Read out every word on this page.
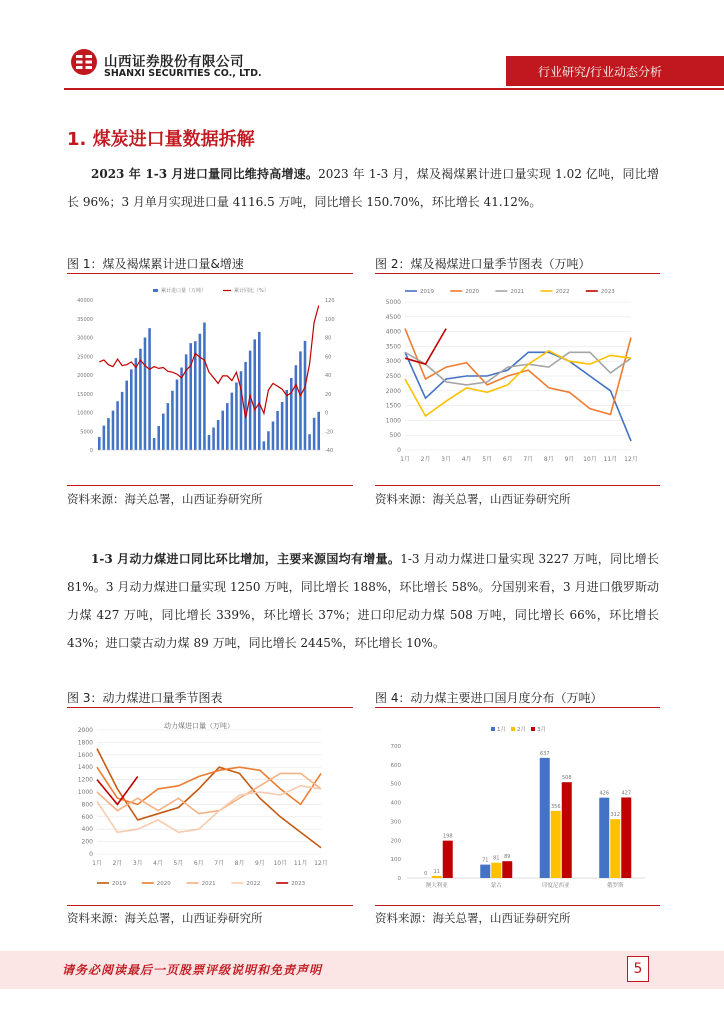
山西证券股份有限公司
SHANXI SECURITIES CO., LTD.	行业研究/行业动态分析
1. 煤炭进口量数据拆解
2023 年 1-3 月进口量同比维持高增速。2023 年 1-3 月，煤及褐煤累计进口量实现 1.02 亿吨，同比增长 96%；3 月单月实现进口量 4116.5 万吨，同比增长 150.70%，环比增长 41.12%。
图 1：煤及褐煤累计进口量&增速
40000
35000
30000
25000
20000
15000
10000
5000
0
120
100
80
60
40
20
0
-20
-40
累计进口量（万吨）	累计同比（%）
资料来源：海关总署，山西证券研究所
图 2：煤及褐煤进口量季节图表（万吨）
5000
4500
4000
3500
3000
2500
2000
1500
1000
500
0
1月 2月 3月 4月 5月 6月 7月 8月 9月 10月 11月 12月
2019	2020	2021	2022	2023
资料来源：海关总署，山西证券研究所
1-3 月动力煤进口同比环比增加，主要来源国均有增量。1-3 月动力煤进口量实现 3227 万吨，同比增长 81%。3 月动力煤进口量实现 1250 万吨，同比增长 188%，环比增长 58%。分国别来看，3 月进口俄罗斯动力煤 427 万吨，同比增长 339%，环比增长 37%；进口印尼动力煤 508 万吨，同比增长 66%，环比增长 43%；进口蒙古动力煤 89 万吨，同比增长 2445%，环比增长 10%。
图 3：动力煤进口量季节图表
2000
1800
1600
1400
1200
1000
800
600
400
200
0
1月 2月 3月 4月 5月 6月 7月 8月 9月 10月 11月 12月
动力煤进口量（万吨）
2019	2020	2021	2022	2023
资料来源：海关总署，山西证券研究所
图 4：动力煤主要进口国月度分布（万吨）
700
600
500
400
300
200
100
0
0 11
198
澳大利亚
71 81 89
蒙古
637
356
508
印度尼西亚
426
312
427
俄罗斯
1月 2月 3月
资料来源：海关总署，山西证券研究所
请务必阅读最后一页股票评级说明和免责声明	5
